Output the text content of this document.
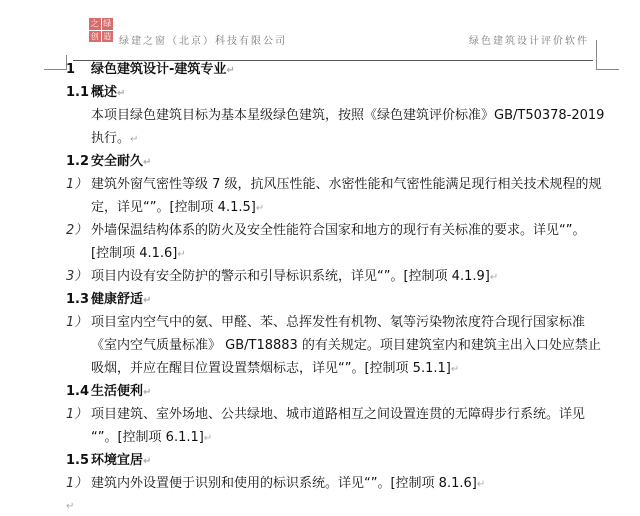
之 绿
创 造 绿建之窗（北京）科技有限公司	绿色建筑设计评价软件
1 绿色建筑设计-建筑专业↵
1.1 概述↵
本项目绿色建筑目标为基本星级绿色建筑，按照《绿色建筑评价标准》GB/T50378-2019
执行。↵
1.2 安全耐久↵
1） 建筑外窗气密性等级 7 级，抗风压性能、水密性能和气密性能满足现行相关技术规程的规
定，详见“”。[控制项 4.1.5]↵
2） 外墙保温结构体系的防火及安全性能符合国家和地方的现行有关标准的要求。详见“”。
[控制项 4.1.6]↵
3） 项目内设有安全防护的警示和引导标识系统，详见“”。[控制项 4.1.9]↵
1.3 健康舒适↵
1） 项目室内空气中的氨、甲醛、苯、总挥发性有机物、氡等污染物浓度符合现行国家标准
《室内空气质量标准》 GB/T18883 的有关规定。项目建筑室内和建筑主出入口处应禁止
吸烟，并应在醒目位置设置禁烟标志，详见“”。[控制项 5.1.1]↵
1.4 生活便利↵
1） 项目建筑、室外场地、公共绿地、城市道路相互之间设置连贯的无障碍步行系统。详见
“”。[控制项 6.1.1]↵
1.5 环境宜居↵
1） 建筑内外设置便于识别和使用的标识系统。详见“”。[控制项 8.1.6]↵
↵
